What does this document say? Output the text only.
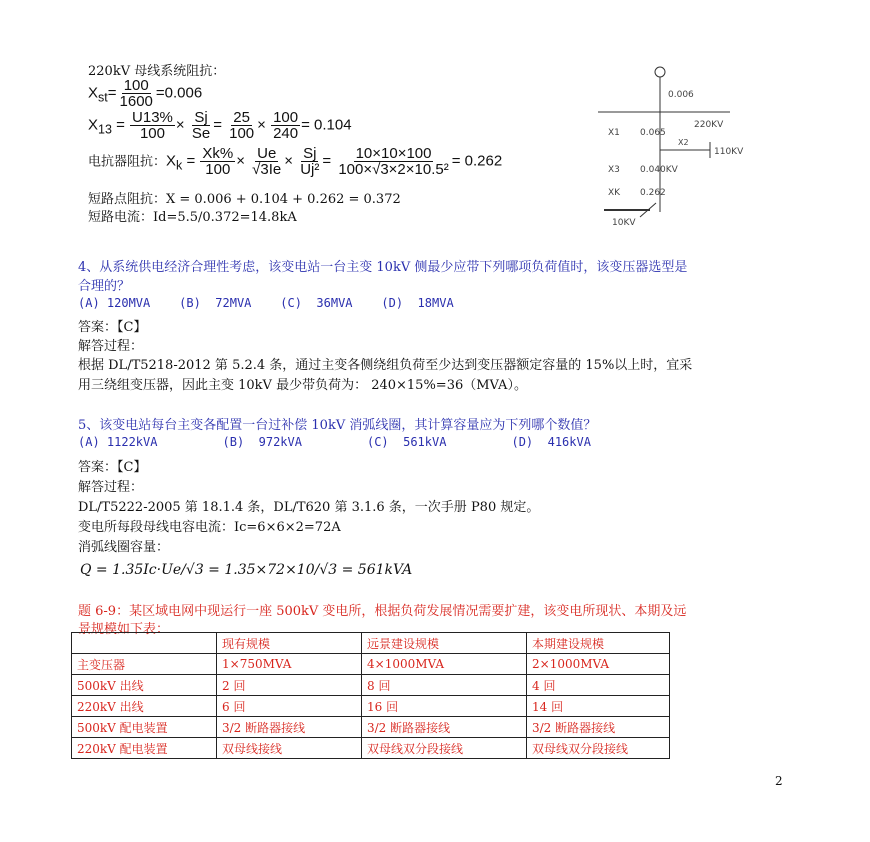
220kV 母线系统阻抗：
$X_{st}= \frac{100}{1600} =0.006$
$X_{13} = \frac{U13\%}{100} \times \frac{Sj}{Se} = \frac{25}{100} \times \frac{100}{240} = 0.104$
电抗器阻抗：$X_k = \frac{Xk\%}{100} \times \frac{Ue}{√3Ie} \times \frac{Sj}{\text{Uj²}} = \frac{10\times 10\times 100}{\text{100×√3×2×10.5²}} = 0.262$
短路点阻抗：X = 0.006 + 0.104 + 0.262 = 0.372
短路电流：Id=5.5/0.372=14.8kA
0.006
220KV
X1 0.065
X2
110KV
X3 0.040KV
XK 0.262
10KV
4、从系统供电经济合理性考虑，该变电站一台主变 10kV 侧最少应带下列哪项负荷值时，该变压器选型是
合理的？
(A) 120MVA    (B)  72MVA    (C)  36MVA    (D)  18MVA
答案：【C】
解答过程：
根据 DL/T5218-2012 第 5.2.4 条，通过主变各侧绕组负荷至少达到变压器额定容量的 15%以上时，宜采
用三绕组变压器，因此主变 10kV 最少带负荷为： 240×15%=36（MVA）。
5、该变电站每台主变各配置一台过补偿 10kV 消弧线圈，其计算容量应为下列哪个数值？
(A) 1122kVA         (B)  972kVA         (C)  561kVA         (D)  416kVA
答案：【C】
解答过程：
DL/T5222-2005 第 18.1.4 条，DL/T620 第 3.1.6 条，一次手册 P80 规定。
变电所每段母线电容电流：Ic=6×6×2=72A
消弧线圈容量：
Q = 1.35Ic·Ue/√3 = 1.35×72×10/√3 = 561kVA
题 6-9：某区域电网中现运行一座 500kV 变电所，根据负荷发展情况需要扩建，该变电所现状、本期及远
景规模如下表：
	现有规模	远景建设规模	本期建设规模
主变压器	1×750MVA	4×1000MVA	2×1000MVA
500kV 出线	2 回	8 回	4 回
220kV 出线	6 回	16 回	14 回
500kV 配电装置	3/2 断路器接线	3/2 断路器接线	3/2 断路器接线
220kV 配电装置	双母线接线	双母线双分段接线	双母线双分段接线
2
